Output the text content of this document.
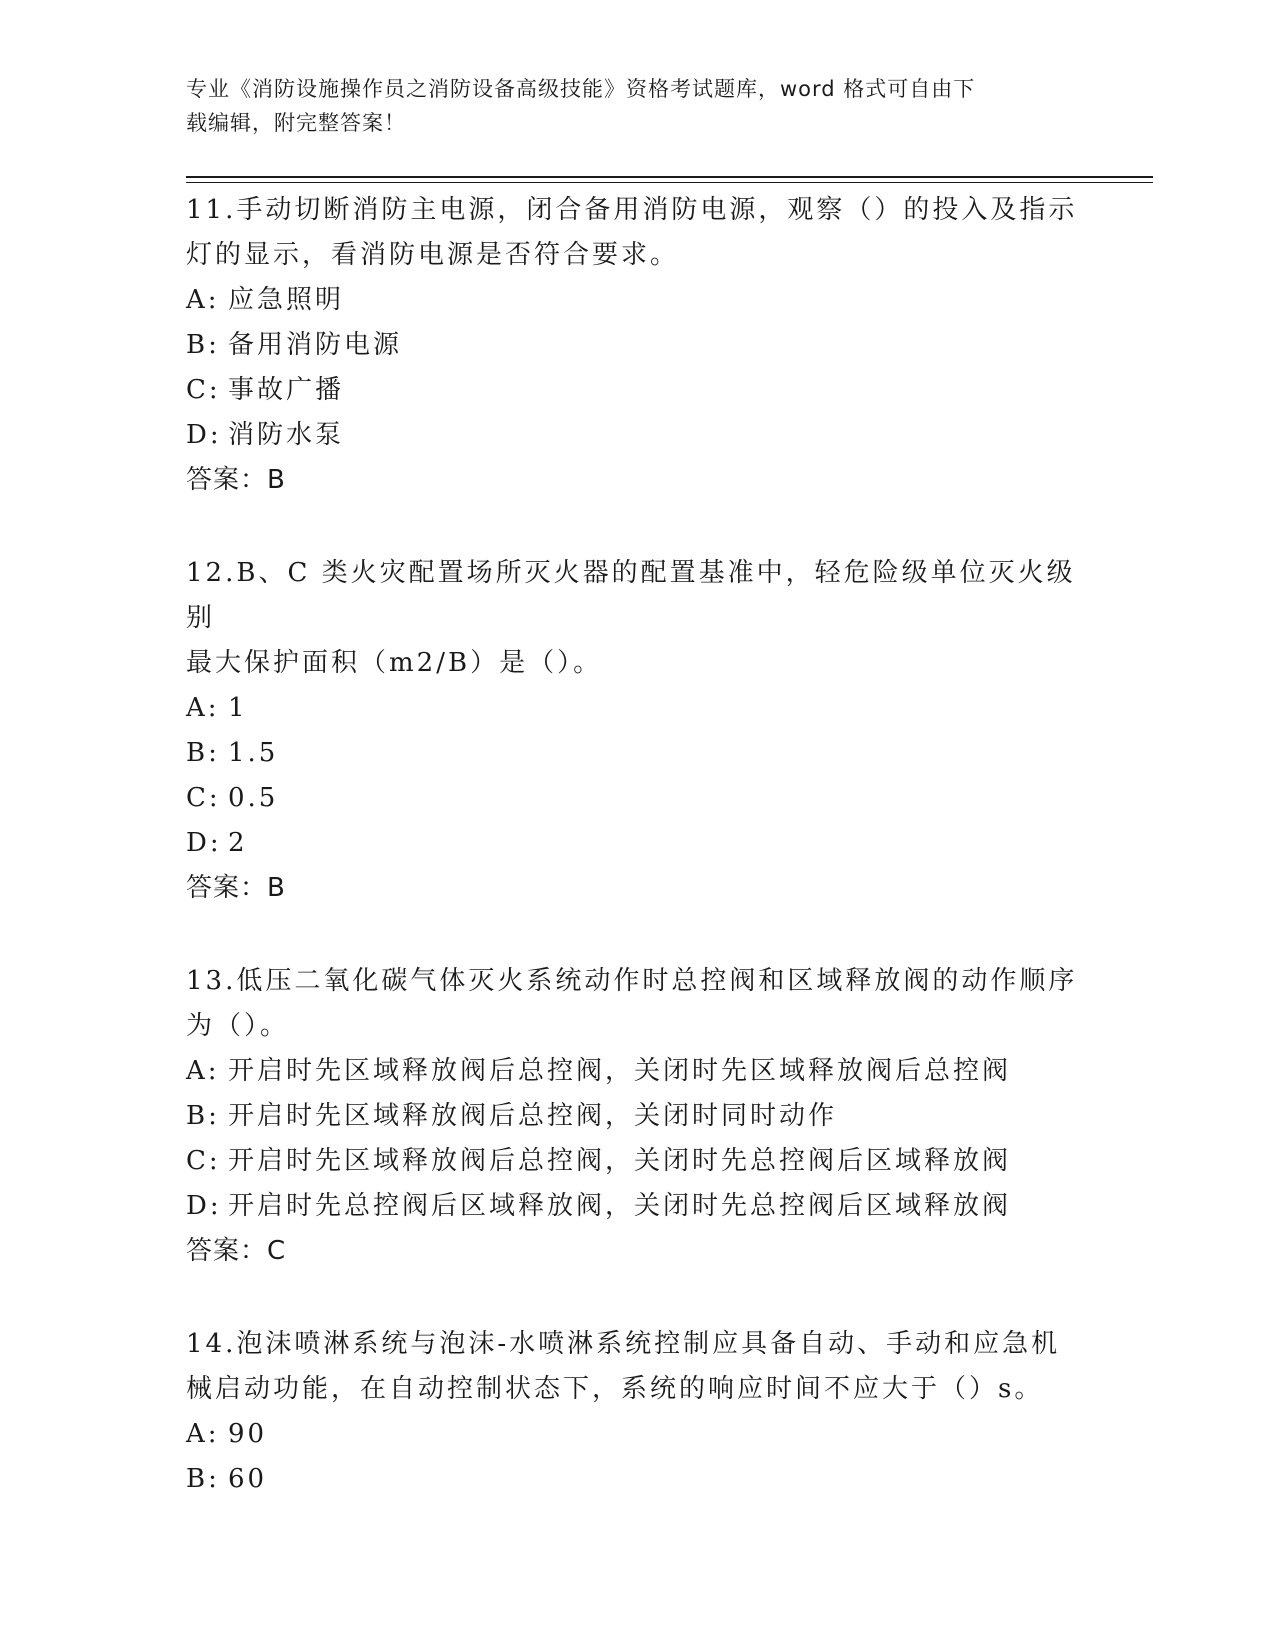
专业《消防设施操作员之消防设备高级技能》资格考试题库，word 格式可自由下
载编辑，附完整答案！

11.手动切断消防主电源，闭合备用消防电源，观察（）的投入及指示

灯的显示，看消防电源是否符合要求。

A: 应急照明

B: 备用消防电源

C: 事故广播

D: 消防水泵

答案：B

12.B、C 类火灾配置场所灭火器的配置基准中，轻危险级单位灭火级别

最大保护面积（m2/B）是（）。

A: 1

B: 1.5

C: 0.5

D: 2

答案：B

13.低压二氧化碳气体灭火系统动作时总控阀和区域释放阀的动作顺序

为（）。

A: 开启时先区域释放阀后总控阀，关闭时先区域释放阀后总控阀

B: 开启时先区域释放阀后总控阀，关闭时同时动作

C: 开启时先区域释放阀后总控阀，关闭时先总控阀后区域释放阀

D: 开启时先总控阀后区域释放阀，关闭时先总控阀后区域释放阀

答案：C

14.泡沫喷淋系统与泡沫-水喷淋系统控制应具备自动、手动和应急机

械启动功能，在自动控制状态下，系统的响应时间不应大于（）s。

A: 90

B: 60
